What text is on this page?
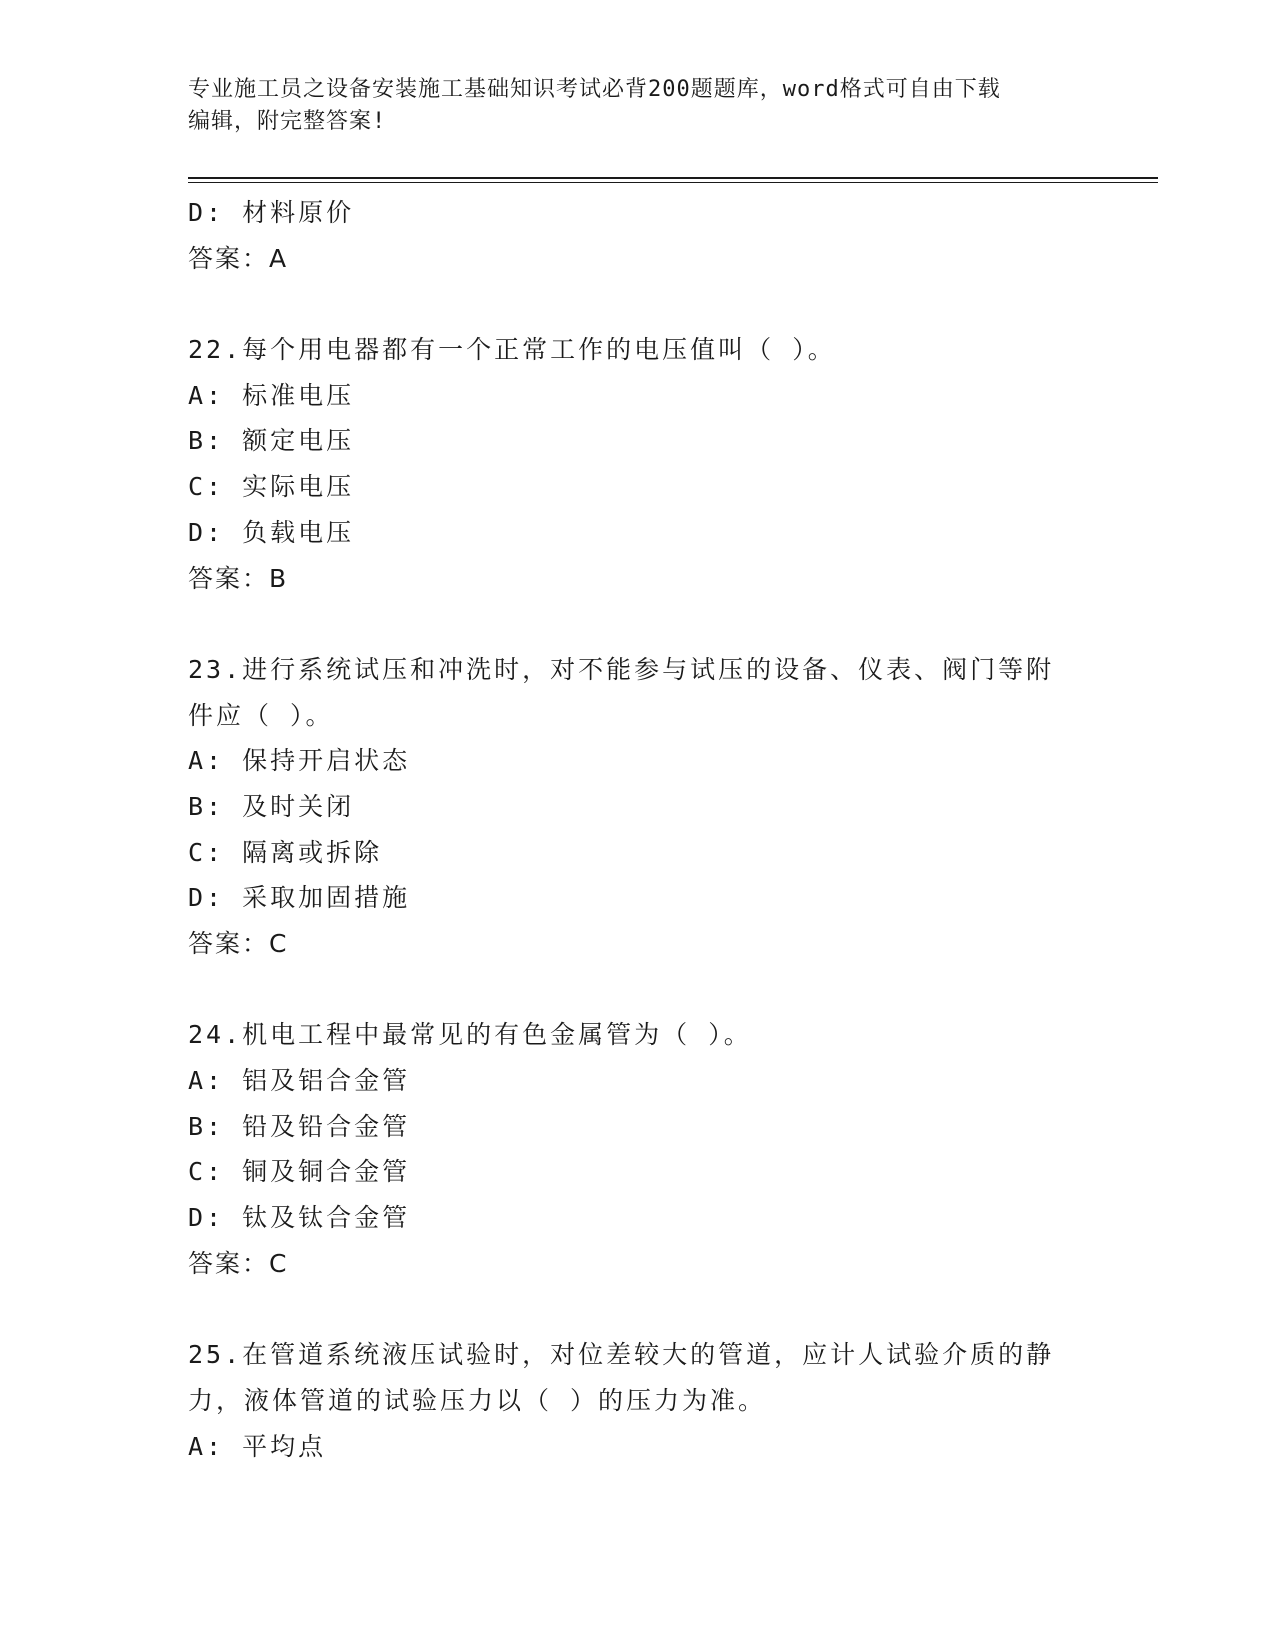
专业施工员之设备安装施工基础知识考试必背200题题库，word格式可自由下载
编辑，附完整答案!
D: 材料原价
答案：A
22.每个用电器都有一个正常工作的电压值叫（ ）。
A: 标准电压
B: 额定电压
C: 实际电压
D: 负载电压
答案：B
23.进行系统试压和冲洗时，对不能参与试压的设备、仪表、阀门等附
件应（ ）。
A: 保持开启状态
B: 及时关闭
C: 隔离或拆除
D: 采取加固措施
答案：C
24.机电工程中最常见的有色金属管为（ ）。
A: 铝及铝合金管
B: 铅及铅合金管
C: 铜及铜合金管
D: 钛及钛合金管
答案：C
25.在管道系统液压试验时，对位差较大的管道，应计人试验介质的静
力，液体管道的试验压力以（ ）的压力为准。
A: 平均点
